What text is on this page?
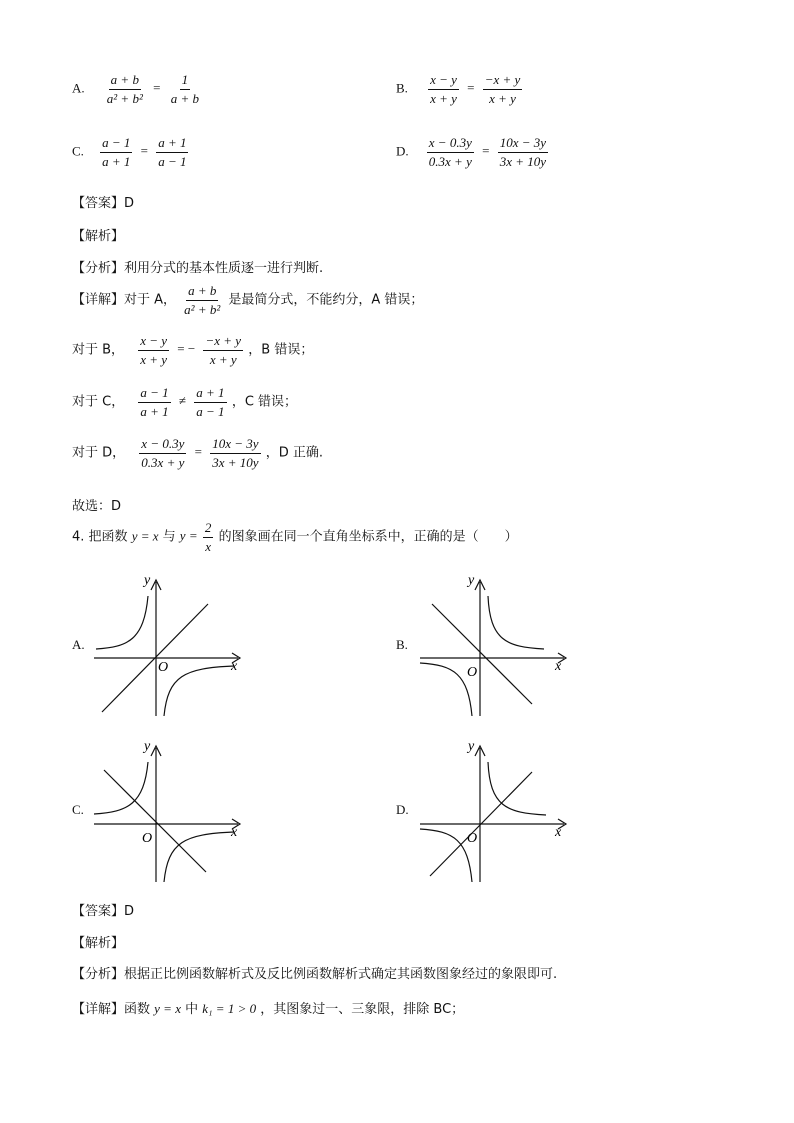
A. $\frac{a + b}{\text{a² + b²}} = \frac{1}{a + b}$	B. $\frac{x - y}{x + y} = \frac{-x + y}{x + y}$
C. $\frac{a - 1}{a + 1} = \frac{a + 1}{a - 1}$	D. $\frac{x - 0.3y}{0.3x + y} = \frac{10x - 3y}{3x + 10y}$
【答案】D
【解析】
【分析】利用分式的基本性质逐一进行判断.
【详解】对于 A， $\frac{a + b}{\text{a² + b²}}$ 是最简分式，不能约分，A 错误；
对于 B， $\frac{x - y}{x + y}$ = − $\frac{-x + y}{x + y}$ ，B 错误；
对于 C， $\frac{a - 1}{a + 1} \ne \frac{a + 1}{a - 1}$ ，C 错误；
对于 D， $\frac{x - 0.3y}{0.3x + y} = \frac{10x - 3y}{3x + 10y}$ ，D 正确.
故选：D
4. 把函数 y = x 与 $y = \frac{2}{x}$ 的图象画在同一个直角坐标系中，正确的是（　　）
A.	B.
C.	D.
y
x
O
y
x
O
y
x
O
y
x
O
【答案】D
【解析】
【分析】根据正比例函数解析式及反比例函数解析式确定其函数图象经过的象限即可.
【详解】函数 y = x 中 k₁ = 1 > 0 ，其图象过一、三象限，排除 BC；
